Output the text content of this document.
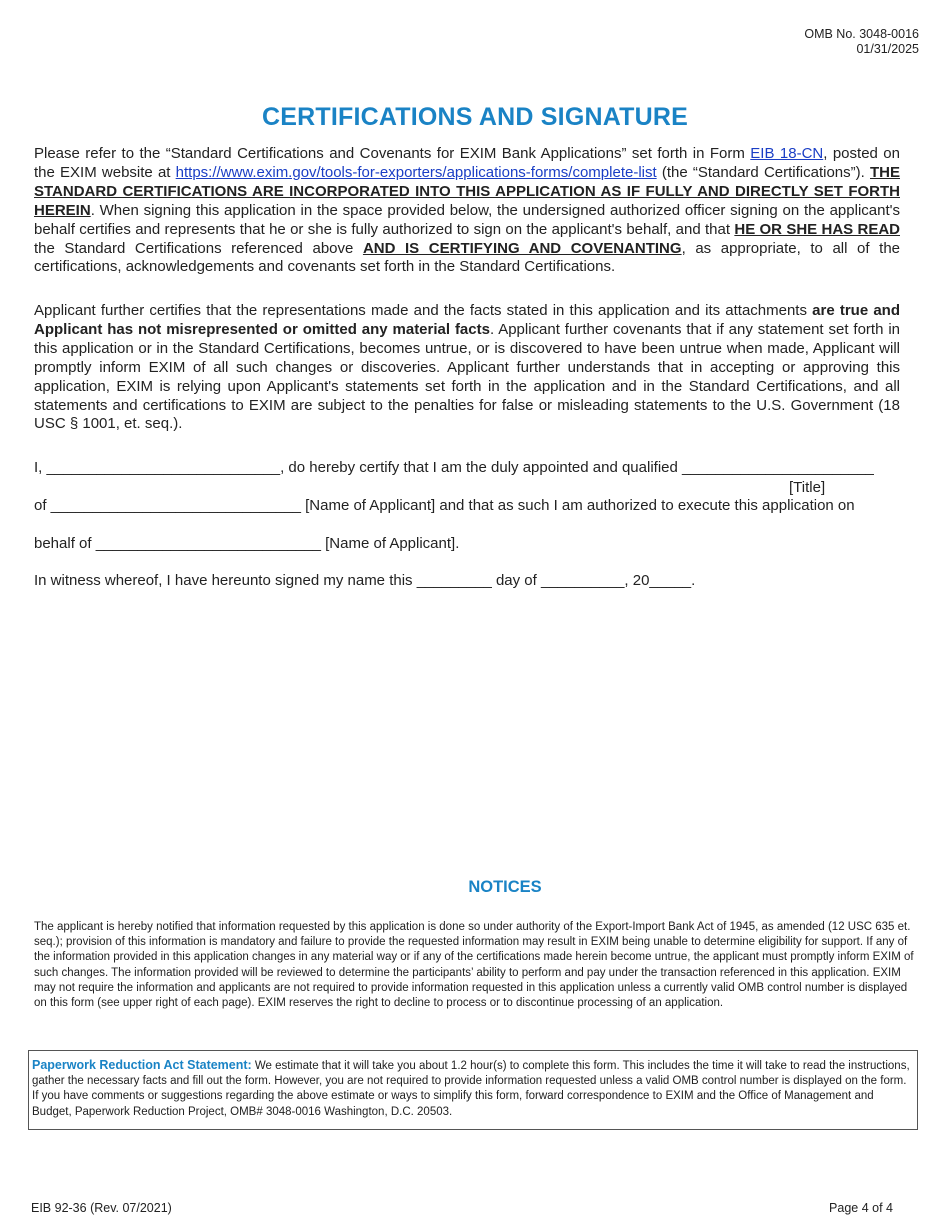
OMB No. 3048-0016
01/31/2025
CERTIFICATIONS AND SIGNATURE
Please refer to the “Standard Certifications and Covenants for EXIM Bank Applications” set forth in Form EIB 18-CN, posted on the EXIM website at https://www.exim.gov/tools-for-exporters/applications-forms/complete-list (the “Standard Certifications”). THE STANDARD CERTIFICATIONS ARE INCORPORATED INTO THIS APPLICATION AS IF FULLY AND DIRECTLY SET FORTH HEREIN. When signing this application in the space provided below, the undersigned authorized officer signing on the applicant's behalf certifies and represents that he or she is fully authorized to sign on the applicant's behalf, and that HE OR SHE HAS READ the Standard Certifications referenced above AND IS CERTIFYING AND COVENANTING, as appropriate, to all of the certifications, acknowledgements and covenants set forth in the Standard Certifications.
Applicant further certifies that the representations made and the facts stated in this application and its attachments are true and Applicant has not misrepresented or omitted any material facts. Applicant further covenants that if any statement set forth in this application or in the Standard Certifications, becomes untrue, or is discovered to have been untrue when made, Applicant will promptly inform EXIM of all such changes or discoveries. Applicant further understands that in accepting or approving this application, EXIM is relying upon Applicant's statements set forth in the application and in the Standard Certifications, and all statements and certifications to EXIM are subject to the penalties for false or misleading statements to the U.S. Government (18 USC § 1001, et. seq.).
I, ____________________________, do hereby certify that I am the duly appointed and qualified _______________________
[Title]
of ______________________________ [Name of Applicant] and that as such I am authorized to execute this application on
behalf of ___________________________ [Name of Applicant].
In witness whereof, I have hereunto signed my name this _________ day of __________, 20_____.
NOTICES
The applicant is hereby notified that information requested by this application is done so under authority of the Export-Import Bank Act of 1945, as amended (12 USC 635 et. seq.); provision of this information is mandatory and failure to provide the requested information may result in EXIM being unable to determine eligibility for support. If any of the information provided in this application changes in any material way or if any of the certifications made herein become untrue, the applicant must promptly inform EXIM of such changes. The information provided will be reviewed to determine the participants’ ability to perform and pay under the transaction referenced in this application. EXIM may not require the information and applicants are not required to provide information requested in this application unless a currently valid OMB control number is displayed on this form (see upper right of each page). EXIM reserves the right to decline to process or to discontinue processing of an application.
Paperwork Reduction Act Statement: We estimate that it will take you about 1.2 hour(s) to complete this form. This includes the time it will take to read the instructions, gather the necessary facts and fill out the form. However, you are not required to provide information requested unless a valid OMB control number is displayed on the form. If you have comments or suggestions regarding the above estimate or ways to simplify this form, forward correspondence to EXIM and the Office of Management and Budget, Paperwork Reduction Project, OMB# 3048-0016 Washington, D.C. 20503.
EIB 92-36 (Rev. 07/2021)	Page 4 of 4
